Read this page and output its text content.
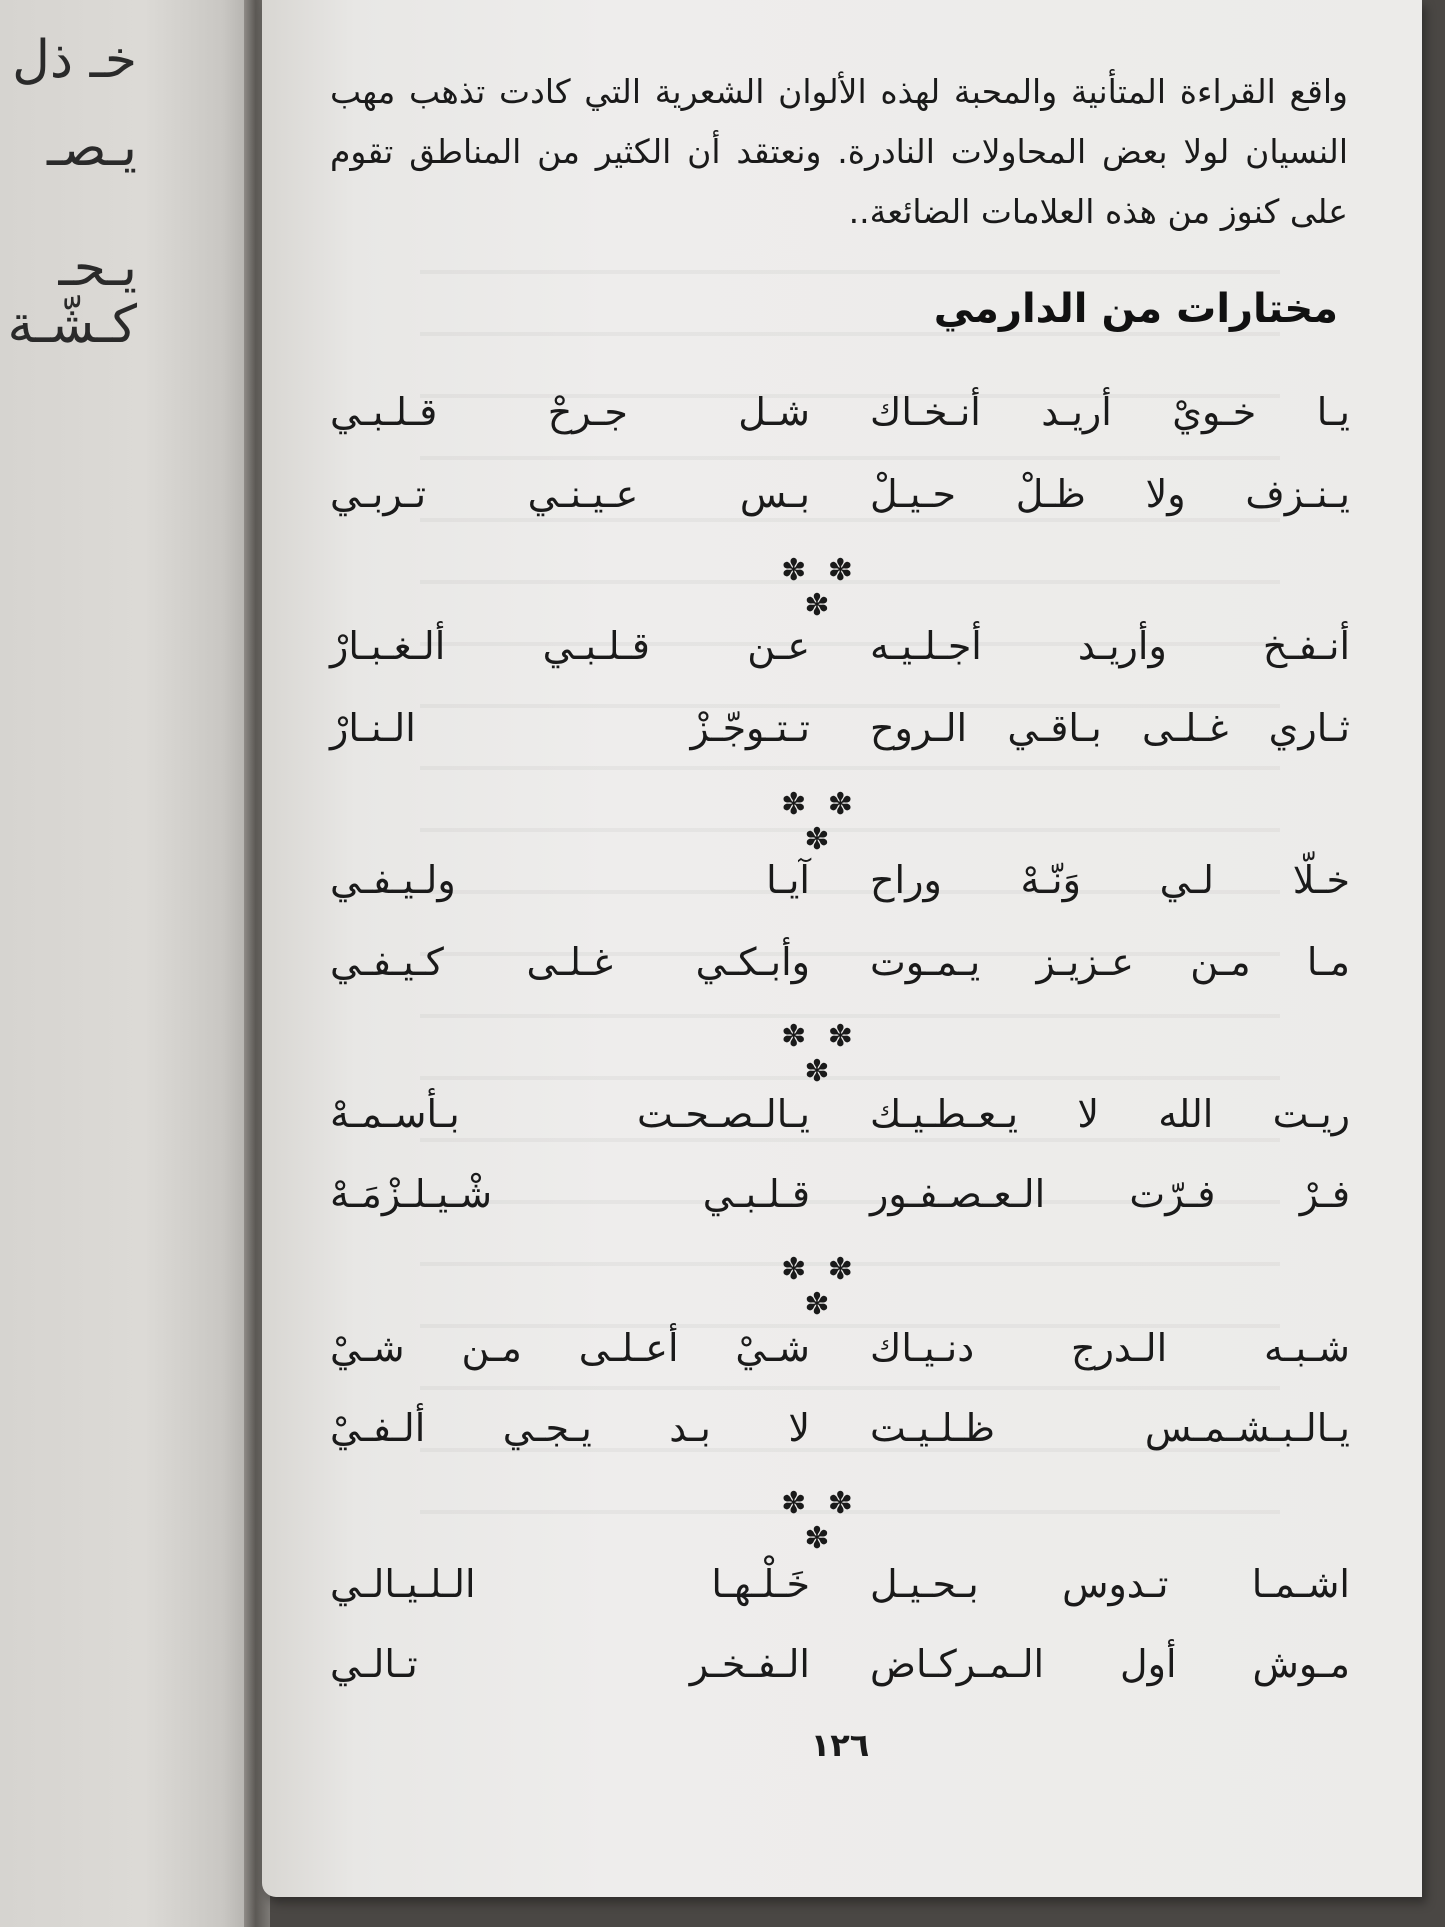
خـ ذل
يـصـ
يـحـ
كـشّـة
واقع القراءة المتأنية والمحبة لهذه الألوان الشعرية التي كادت تذهب مهب النسيان لولا بعض المحاولات النادرة. ونعتقد أن الكثير من المناطق تقوم على كنوز من هذه العلامات الضائعة..
مختارات من الدارمي
يـا خـويْ أريـد أنـخـاك
شـل جـرحْ قـلـبـي
يـنـزف ولا ظـلْ حـيـلْ
بـس عـيـنـي تـربـي
✽ ✽ ✽
أنـفـخ وأريـد أجـلـيـه
عـن قـلـبـي ألـغـبـارْ
ثـاري غـلـى بـاقـي الـروح
تـتـوجّـزْ الـنـارْ
✽ ✽ ✽
خـلّا لـي وَنّـهْ وراح
آيـا ولـيـفـي
مـا مـن عـزيـز يـمـوت
وأبـكـي غـلـى كـيـفـي
✽ ✽ ✽
ريـت الله لا يـعـطـيـك
يـالـصـحـت بـأسـمـهْ
فـرْ فـرّت الـعـصـفـور
قـلـبـي شْـيـلـزْمَـهْ
✽ ✽ ✽
شـبـه الـدرج دنـيـاك
شـيْ أعـلـى مـن شـيْ
يـالـبـشـمـس ظـلـيـت
لا بـد يـجـي ألـفـيْ
✽ ✽ ✽
اشـمـا تـدوس بـحـيـل
خَـلْـهـا الـلـيـالـي
مـوش أول الـمـركـاض
الـفـخـر تـالـي
١٢٦
